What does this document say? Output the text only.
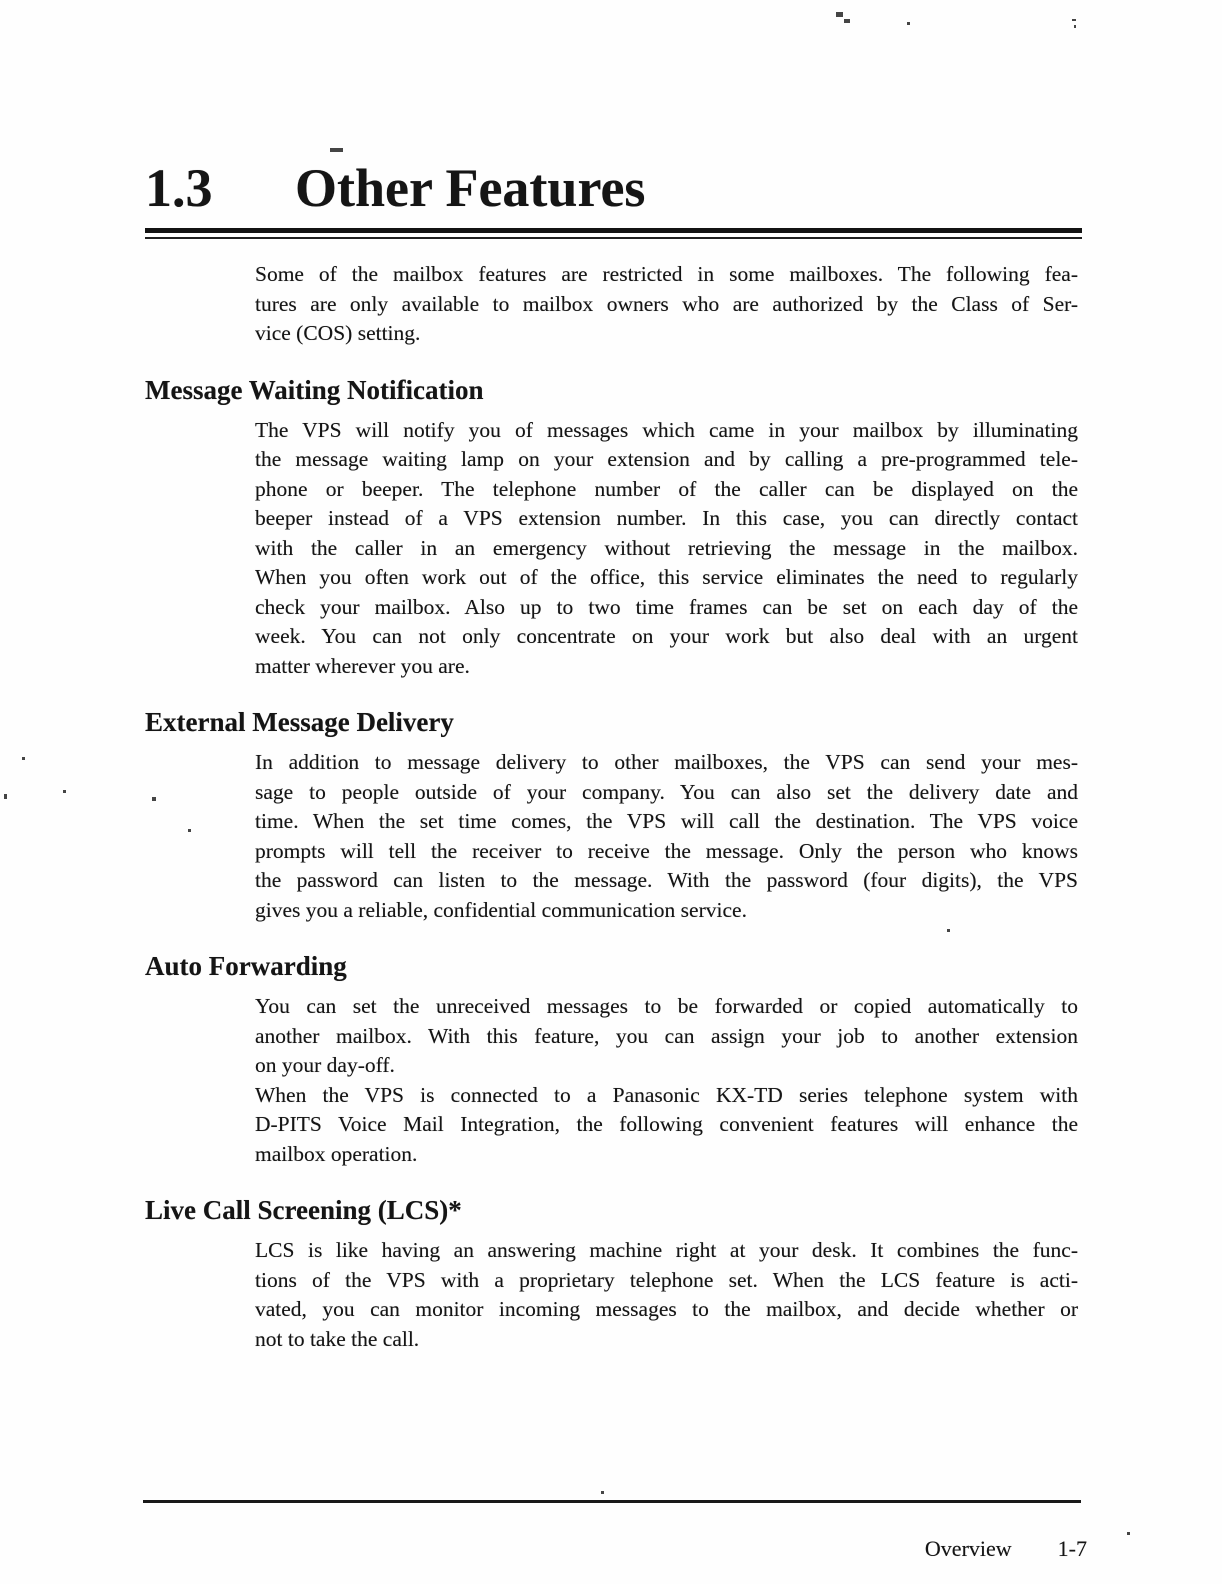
1.3	Other Features
Some of the mailbox features are restricted in some mailboxes. The following fea-
tures are only available to mailbox owners who are authorized by the Class of Ser-
vice (COS) setting.
Message Waiting Notification
The VPS will notify you of messages which came in your mailbox by illuminating
the message waiting lamp on your extension and by calling a pre-programmed tele-
phone or beeper. The telephone number of the caller can be displayed on the
beeper instead of a VPS extension number. In this case, you can directly contact
with the caller in an emergency without retrieving the message in the mailbox.
When you often work out of the office, this service eliminates the need to regularly
check your mailbox. Also up to two time frames can be set on each day of the
week. You can not only concentrate on your work but also deal with an urgent
matter wherever you are.
External Message Delivery
In addition to message delivery to other mailboxes, the VPS can send your mes-
sage to people outside of your company. You can also set the delivery date and
time. When the set time comes, the VPS will call the destination. The VPS voice
prompts will tell the receiver to receive the message. Only the person who knows
the password can listen to the message. With the password (four digits), the VPS
gives you a reliable, confidential communication service.
Auto Forwarding
You can set the unreceived messages to be forwarded or copied automatically to
another mailbox. With this feature, you can assign your job to another extension
on your day-off.
When the VPS is connected to a Panasonic KX-TD series telephone system with
D-PITS Voice Mail Integration, the following convenient features will enhance the
mailbox operation.
Live Call Screening (LCS)*
LCS is like having an answering machine right at your desk. It combines the func-
tions of the VPS with a proprietary telephone set. When the LCS feature is acti-
vated, you can monitor incoming messages to the mailbox, and decide whether or
not to take the call.
Overview 1-7
